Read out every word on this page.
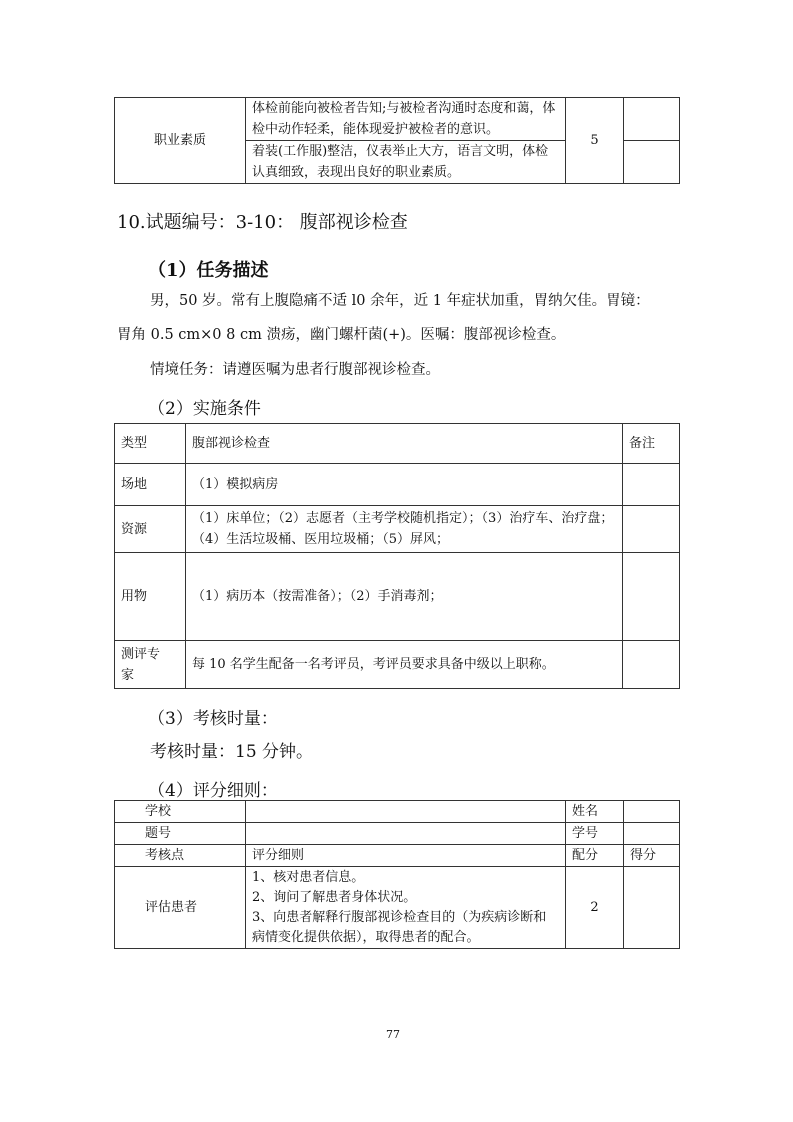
职业素质	体检前能向被检者告知;与被检者沟通时态度和蔼，体检中动作轻柔，能体现爱护被检者的意识。	5	
	着装(工作服)整洁，仪表举止大方，语言文明，体检认真细致，表现出良好的职业素质。		
10.试题编号：3-10： 腹部视诊检查
（1）任务描述
男，50 岁。常有上腹隐痛不适 l0 余年，近 1 年症状加重，胃纳欠佳。胃镜：
胃角 0.5 cm×0 8 cm 溃疡，幽门螺杆菌(+)。医嘱：腹部视诊检查。
情境任务：请遵医嘱为患者行腹部视诊检查。
（2）实施条件
类型	腹部视诊检查	备注
场地	（1）模拟病房	
资源	（1）床单位；（2）志愿者（主考学校随机指定）；（3）治疗车、治疗盘；（4）生活垃圾桶、医用垃圾桶；（5）屏风；	
用物	（1）病历本（按需准备）；（2）手消毒剂；	
测评专家	每 10 名学生配备一名考评员，考评员要求具备中级以上职称。	
（3）考核时量：
考核时量：15 分钟。
（4）评分细则：
学校		姓名	
题号		学号	
考核点	评分细则	配分	得分
评估患者	1、核对患者信息。
2、询问了解患者身体状况。
3、向患者解释行腹部视诊检查目的（为疾病诊断和病情变化提供依据），取得患者的配合。	2	
77
